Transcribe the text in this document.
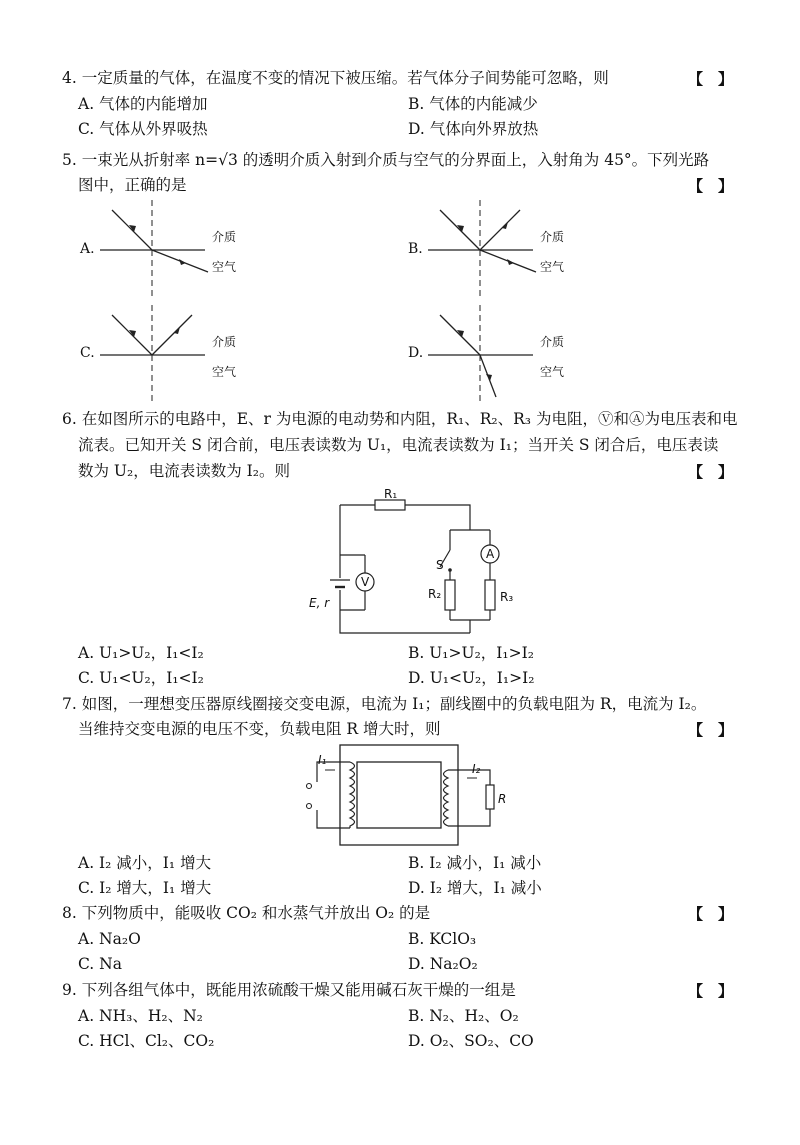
4. 一定质量的气体，在温度不变的情况下被压缩。若气体分子间势能可忽略，则	【　】
A. 气体的内能增加	B. 气体的内能减少
C. 气体从外界吸热	D. 气体向外界放热
5. 一束光从折射率 n=√3 的透明介质入射到介质与空气的分界面上，入射角为 45°。下列光路
图中，正确的是	【　】
A.
介质
空气
B.
介质
空气
C.
介质
空气
D.
介质
空气
6. 在如图所示的电路中，E、r 为电源的电动势和内阻，R₁、R₂、R₃ 为电阻，Ⓥ和Ⓐ为电压表和电
流表。已知开关 S 闭合前，电压表读数为 U₁，电流表读数为 I₁；当开关 S 闭合后，电压表读
数为 U₂，电流表读数为 I₂。则	【　】
R₁
S
R₂	R₃
E, r
V
A
A. U₁>U₂，I₁<I₂	B. U₁>U₂，I₁>I₂
C. U₁<U₂，I₁<I₂	D. U₁<U₂，I₁>I₂
7. 如图，一理想变压器原线圈接交变电源，电流为 I₁；副线圈中的负载电阻为 R，电流为 I₂。
当维持交变电源的电压不变，负载电阻 R 增大时，则	【　】
I₁
I₂
R
A. I₂ 减小，I₁ 增大	B. I₂ 减小，I₁ 减小
C. I₂ 增大，I₁ 增大	D. I₂ 增大，I₁ 减小
8. 下列物质中，能吸收 CO₂ 和水蒸气并放出 O₂ 的是	【　】
A. Na₂O	B. KClO₃
C. Na	D. Na₂O₂
9. 下列各组气体中，既能用浓硫酸干燥又能用碱石灰干燥的一组是	【　】
A. NH₃、H₂、N₂	B. N₂、H₂、O₂
C. HCl、Cl₂、CO₂	D. O₂、SO₂、CO
